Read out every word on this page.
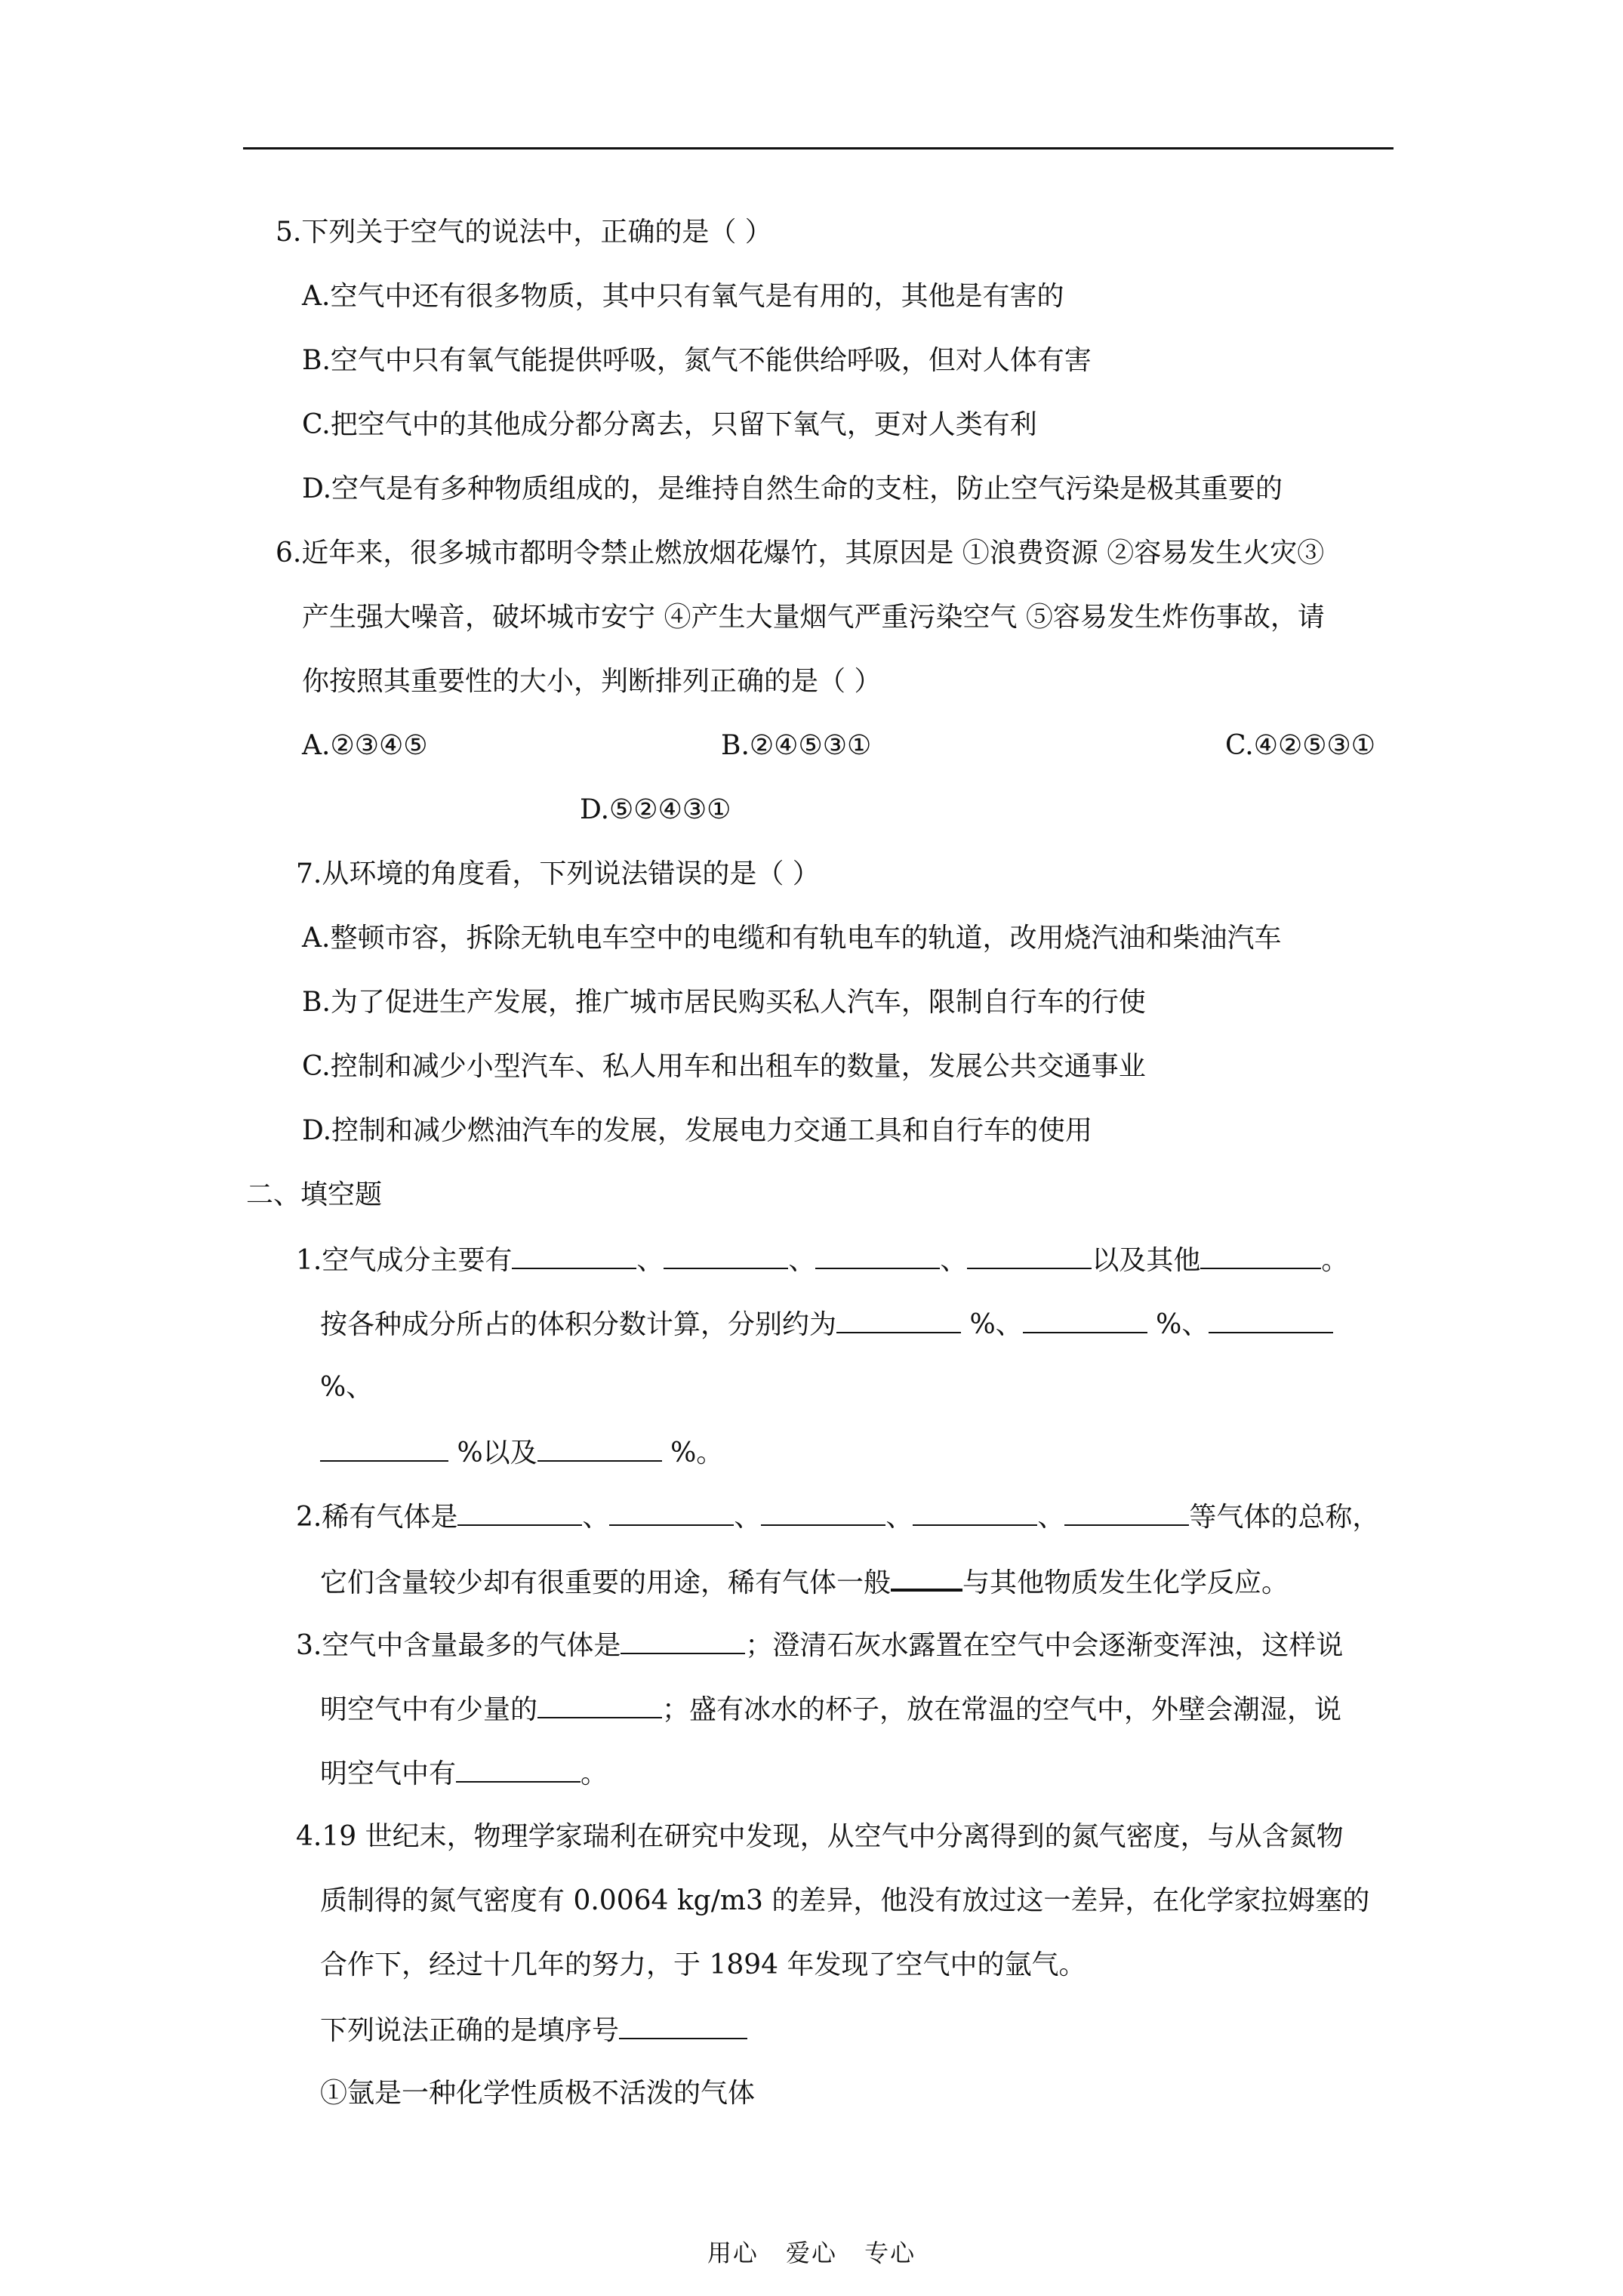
5.下列关于空气的说法中，正确的是（ ）
A.空气中还有很多物质，其中只有氧气是有用的，其他是有害的
B.空气中只有氧气能提供呼吸，氮气不能供给呼吸，但对人体有害
C.把空气中的其他成分都分离去，只留下氧气，更对人类有利
D.空气是有多种物质组成的，是维持自然生命的支柱，防止空气污染是极其重要的
6.近年来，很多城市都明令禁止燃放烟花爆竹，其原因是 ①浪费资源 ②容易发生火灾③
产生强大噪音，破坏城市安宁 ④产生大量烟气严重污染空气 ⑤容易发生炸伤事故，请
你按照其重要性的大小，判断排列正确的是（ ）
A.②③④⑤	B.②④⑤③①	C.④②⑤③①
D.⑤②④③①
7.从环境的角度看，下列说法错误的是（ ）
A.整顿市容，拆除无轨电车空中的电缆和有轨电车的轨道，改用烧汽油和柴油汽车
B.为了促进生产发展，推广城市居民购买私人汽车，限制自行车的行使
C.控制和减少小型汽车、私人用车和出租车的数量，发展公共交通事业
D.控制和减少燃油汽车的发展，发展电力交通工具和自行车的使用
二、填空题
1.空气成分主要有	、	、	、	以及其他	。
按各种成分所占的体积分数计算，分别约为	%、	%、
%、
%以及	%。
2.稀有气体是	、	、	、	、	等气体的总称，
它们含量较少却有很重要的用途，稀有气体一般	与其他物质发生化学反应。
3.空气中含量最多的气体是	；澄清石灰水露置在空气中会逐渐变浑浊，这样说
明空气中有少量的	；盛有冰水的杯子，放在常温的空气中，外壁会潮湿，说
明空气中有	。
4.19 世纪末，物理学家瑞利在研究中发现，从空气中分离得到的氮气密度，与从含氮物
质制得的氮气密度有 0.0064 kg/m3 的差异，他没有放过这一差异，在化学家拉姆塞的
合作下，经过十几年的努力，于 1894 年发现了空气中的氩气。
下列说法正确的是填序号
①氩是一种化学性质极不活泼的气体
用心 爱心 专心
